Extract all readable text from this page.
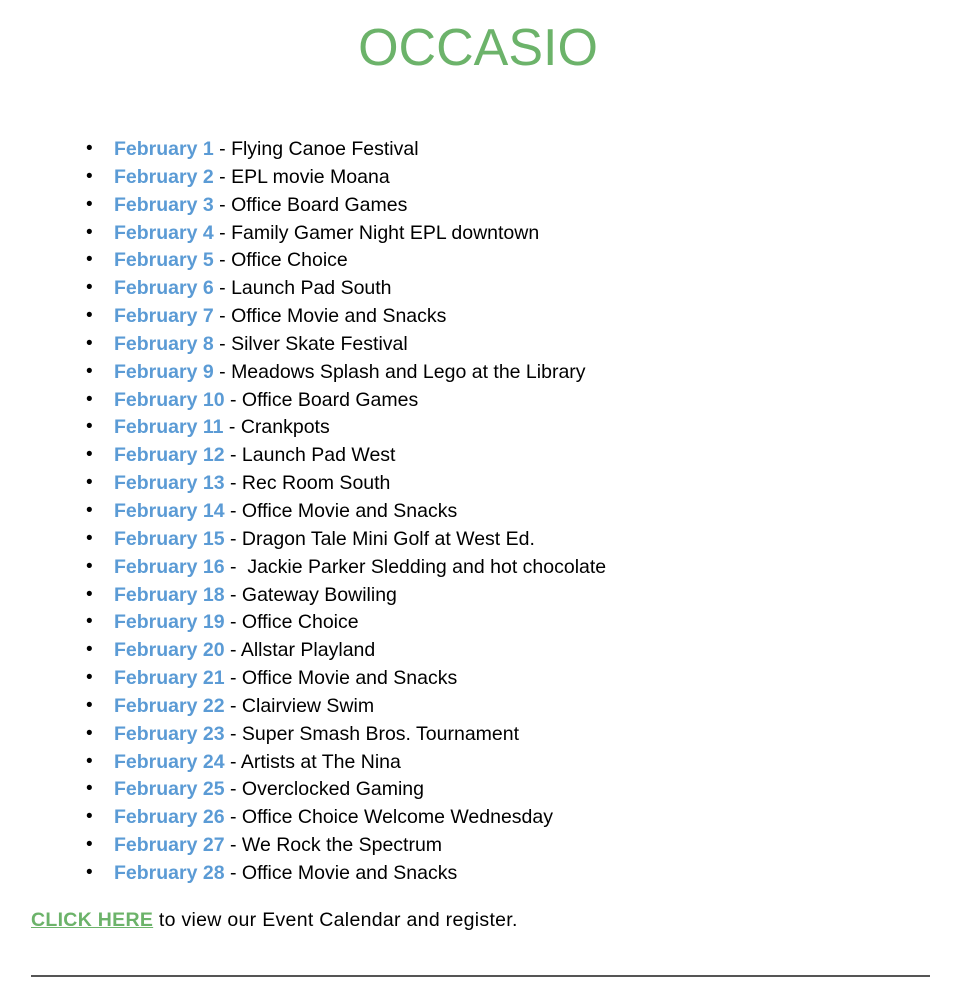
OCCASIO
• February 1 - Flying Canoe Festival
• February 2 - EPL movie Moana
• February 3 - Office Board Games
• February 4 - Family Gamer Night EPL downtown
• February 5 - Office Choice
• February 6 - Launch Pad South
• February 7 - Office Movie and Snacks
• February 8 - Silver Skate Festival
• February 9 - Meadows Splash and Lego at the Library
• February 10 - Office Board Games
• February 11 - Crankpots
• February 12 - Launch Pad West
• February 13 - Rec Room South
• February 14 - Office Movie and Snacks
• February 15 - Dragon Tale Mini Golf at West Ed.
• February 16 -  Jackie Parker Sledding and hot chocolate
• February 18 - Gateway Bowiling
• February 19 - Office Choice
• February 20 - Allstar Playland
• February 21 - Office Movie and Snacks
• February 22 - Clairview Swim
• February 23 - Super Smash Bros. Tournament
• February 24 - Artists at The Nina
• February 25 - Overclocked Gaming
• February 26 - Office Choice Welcome Wednesday
• February 27 - We Rock the Spectrum
• February 28 - Office Movie and Snacks

CLICK HERE to view our Event Calendar and register.
